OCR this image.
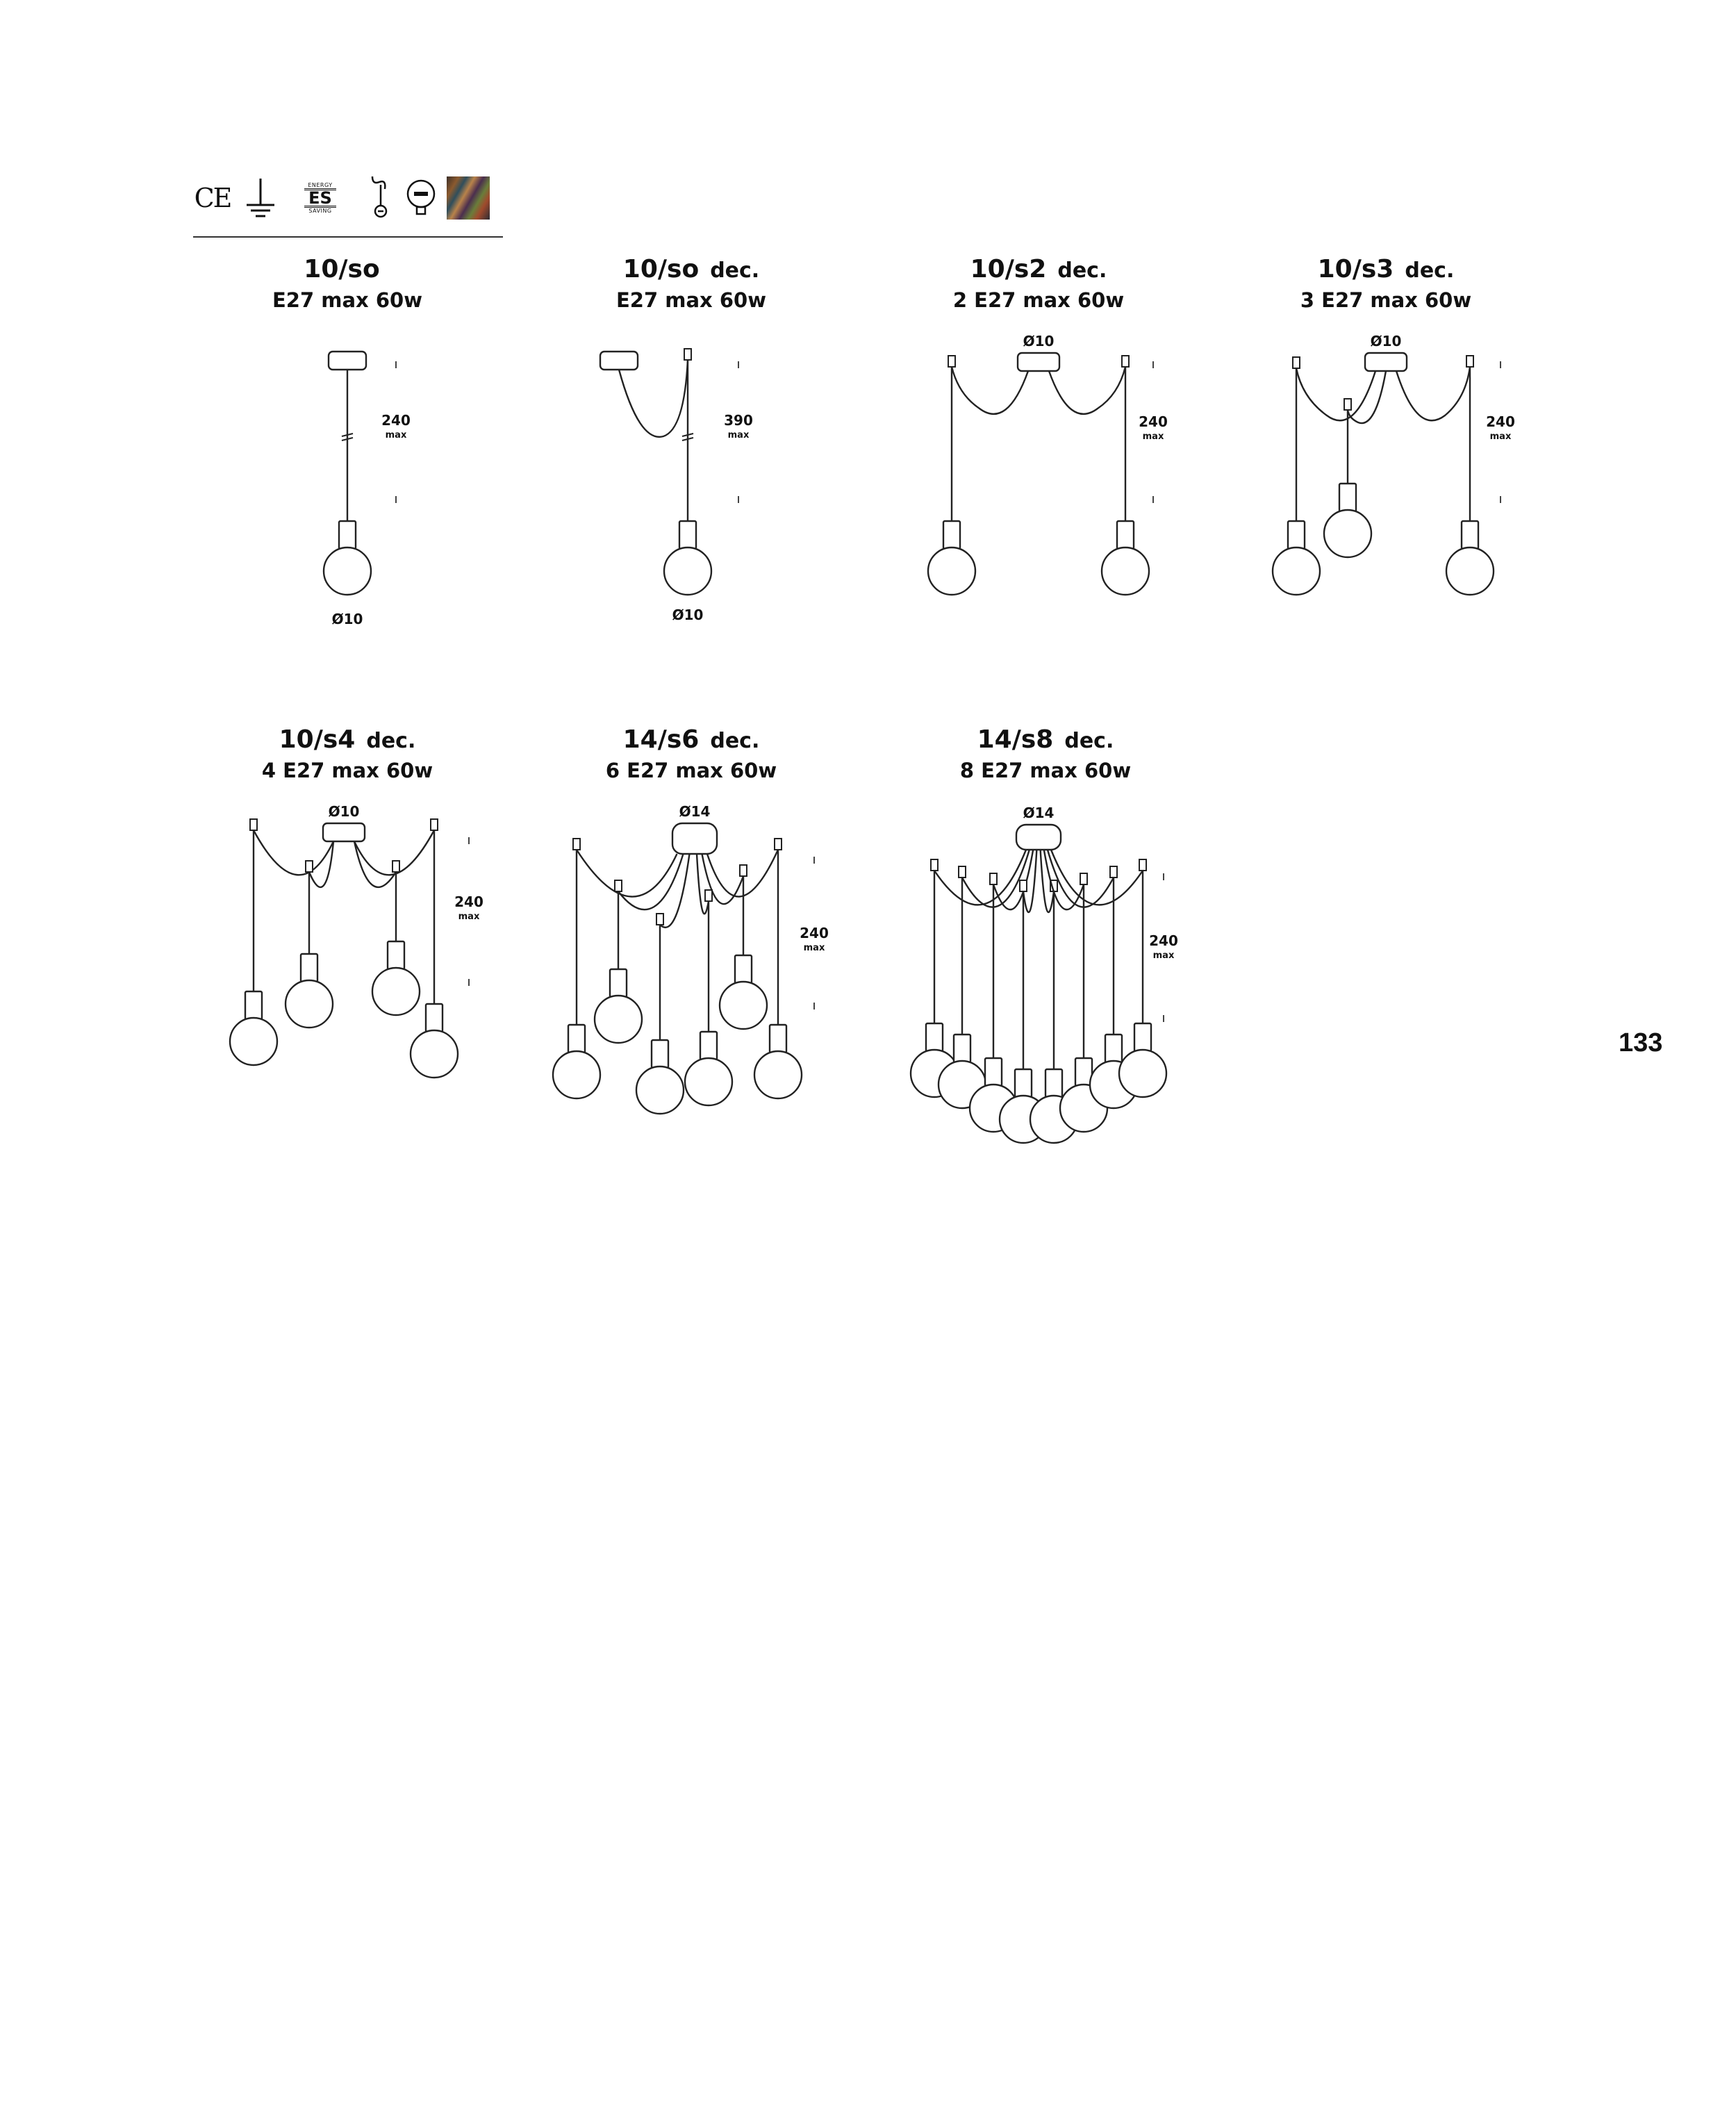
CE	ENERGY
ES
SAVING
10/so
E27 max 60w
240
max
Ø10
10/so dec.
E27 max 60w
390
max
Ø10
10/s2 dec.
2 E27 max 60w
Ø10
240
max
10/s3 dec.
3 E27 max 60w
Ø10
240
max
10/s4 dec.
4 E27 max 60w
Ø10
240
max
14/s6 dec.
6 E27 max 60w
Ø14
240
max
14/s8 dec.
8 E27 max 60w
Ø14
240
max
133
